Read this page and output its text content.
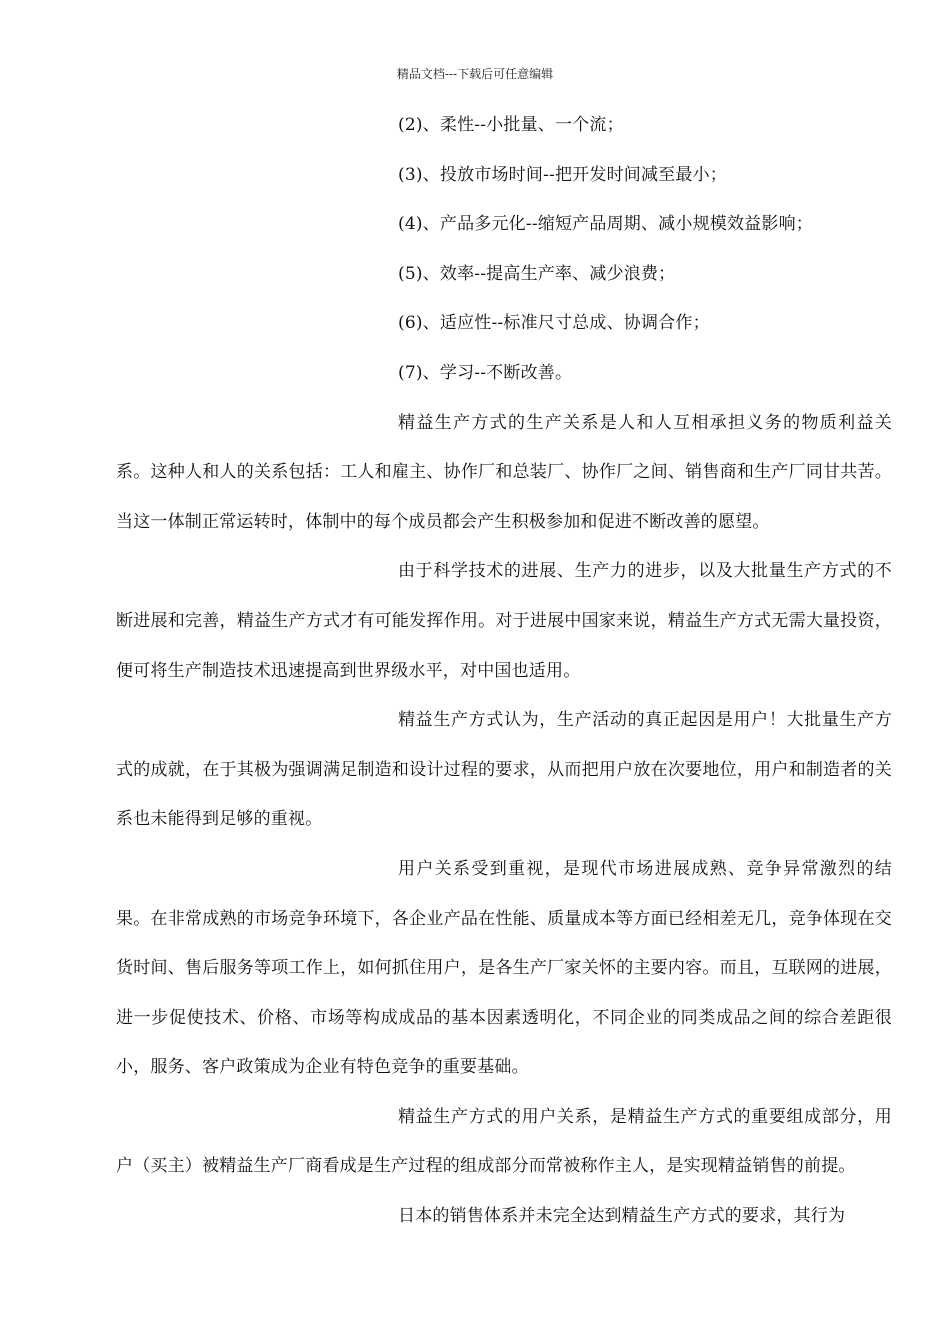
精品文档---下载后可任意编辑

(2)、柔性--小批量、一个流；

(3)、投放市场时间--把开发时间减至最小；

(4)、产品多元化--缩短产品周期、减小规模效益影响；

(5)、效率--提高生产率、减少浪费；

(6)、适应性--标准尺寸总成、协调合作；

(7)、学习--不断改善。

精益生产方式的生产关系是人和人互相承担义务的物质利益关系。这种人和人的关系包括：工人和雇主、协作厂和总装厂、协作厂之间、销售商和生产厂同甘共苦。当这一体制正常运转时，体制中的每个成员都会产生积极参加和促进不断改善的愿望。

由于科学技术的进展、生产力的进步，以及大批量生产方式的不断进展和完善，精益生产方式才有可能发挥作用。对于进展中国家来说，精益生产方式无需大量投资，便可将生产制造技术迅速提高到世界级水平，对中国也适用。

精益生产方式认为，生产活动的真正起因是用户！大批量生产方式的成就，在于其极为强调满足制造和设计过程的要求，从而把用户放在次要地位，用户和制造者的关系也未能得到足够的重视。

用户关系受到重视，是现代市场进展成熟、竞争异常激烈的结果。在非常成熟的市场竞争环境下，各企业产品在性能、质量成本等方面已经相差无几，竞争体现在交货时间、售后服务等项工作上，如何抓住用户，是各生产厂家关怀的主要内容。而且，互联网的进展，进一步促使技术、价格、市场等构成成品的基本因素透明化，不同企业的同类成品之间的综合差距很小，服务、客户政策成为企业有特色竞争的重要基础。

精益生产方式的用户关系，是精益生产方式的重要组成部分，用户（买主）被精益生产厂商看成是生产过程的组成部分而常被称作主人，是实现精益销售的前提。

日本的销售体系并未完全达到精益生产方式的要求，其行为
